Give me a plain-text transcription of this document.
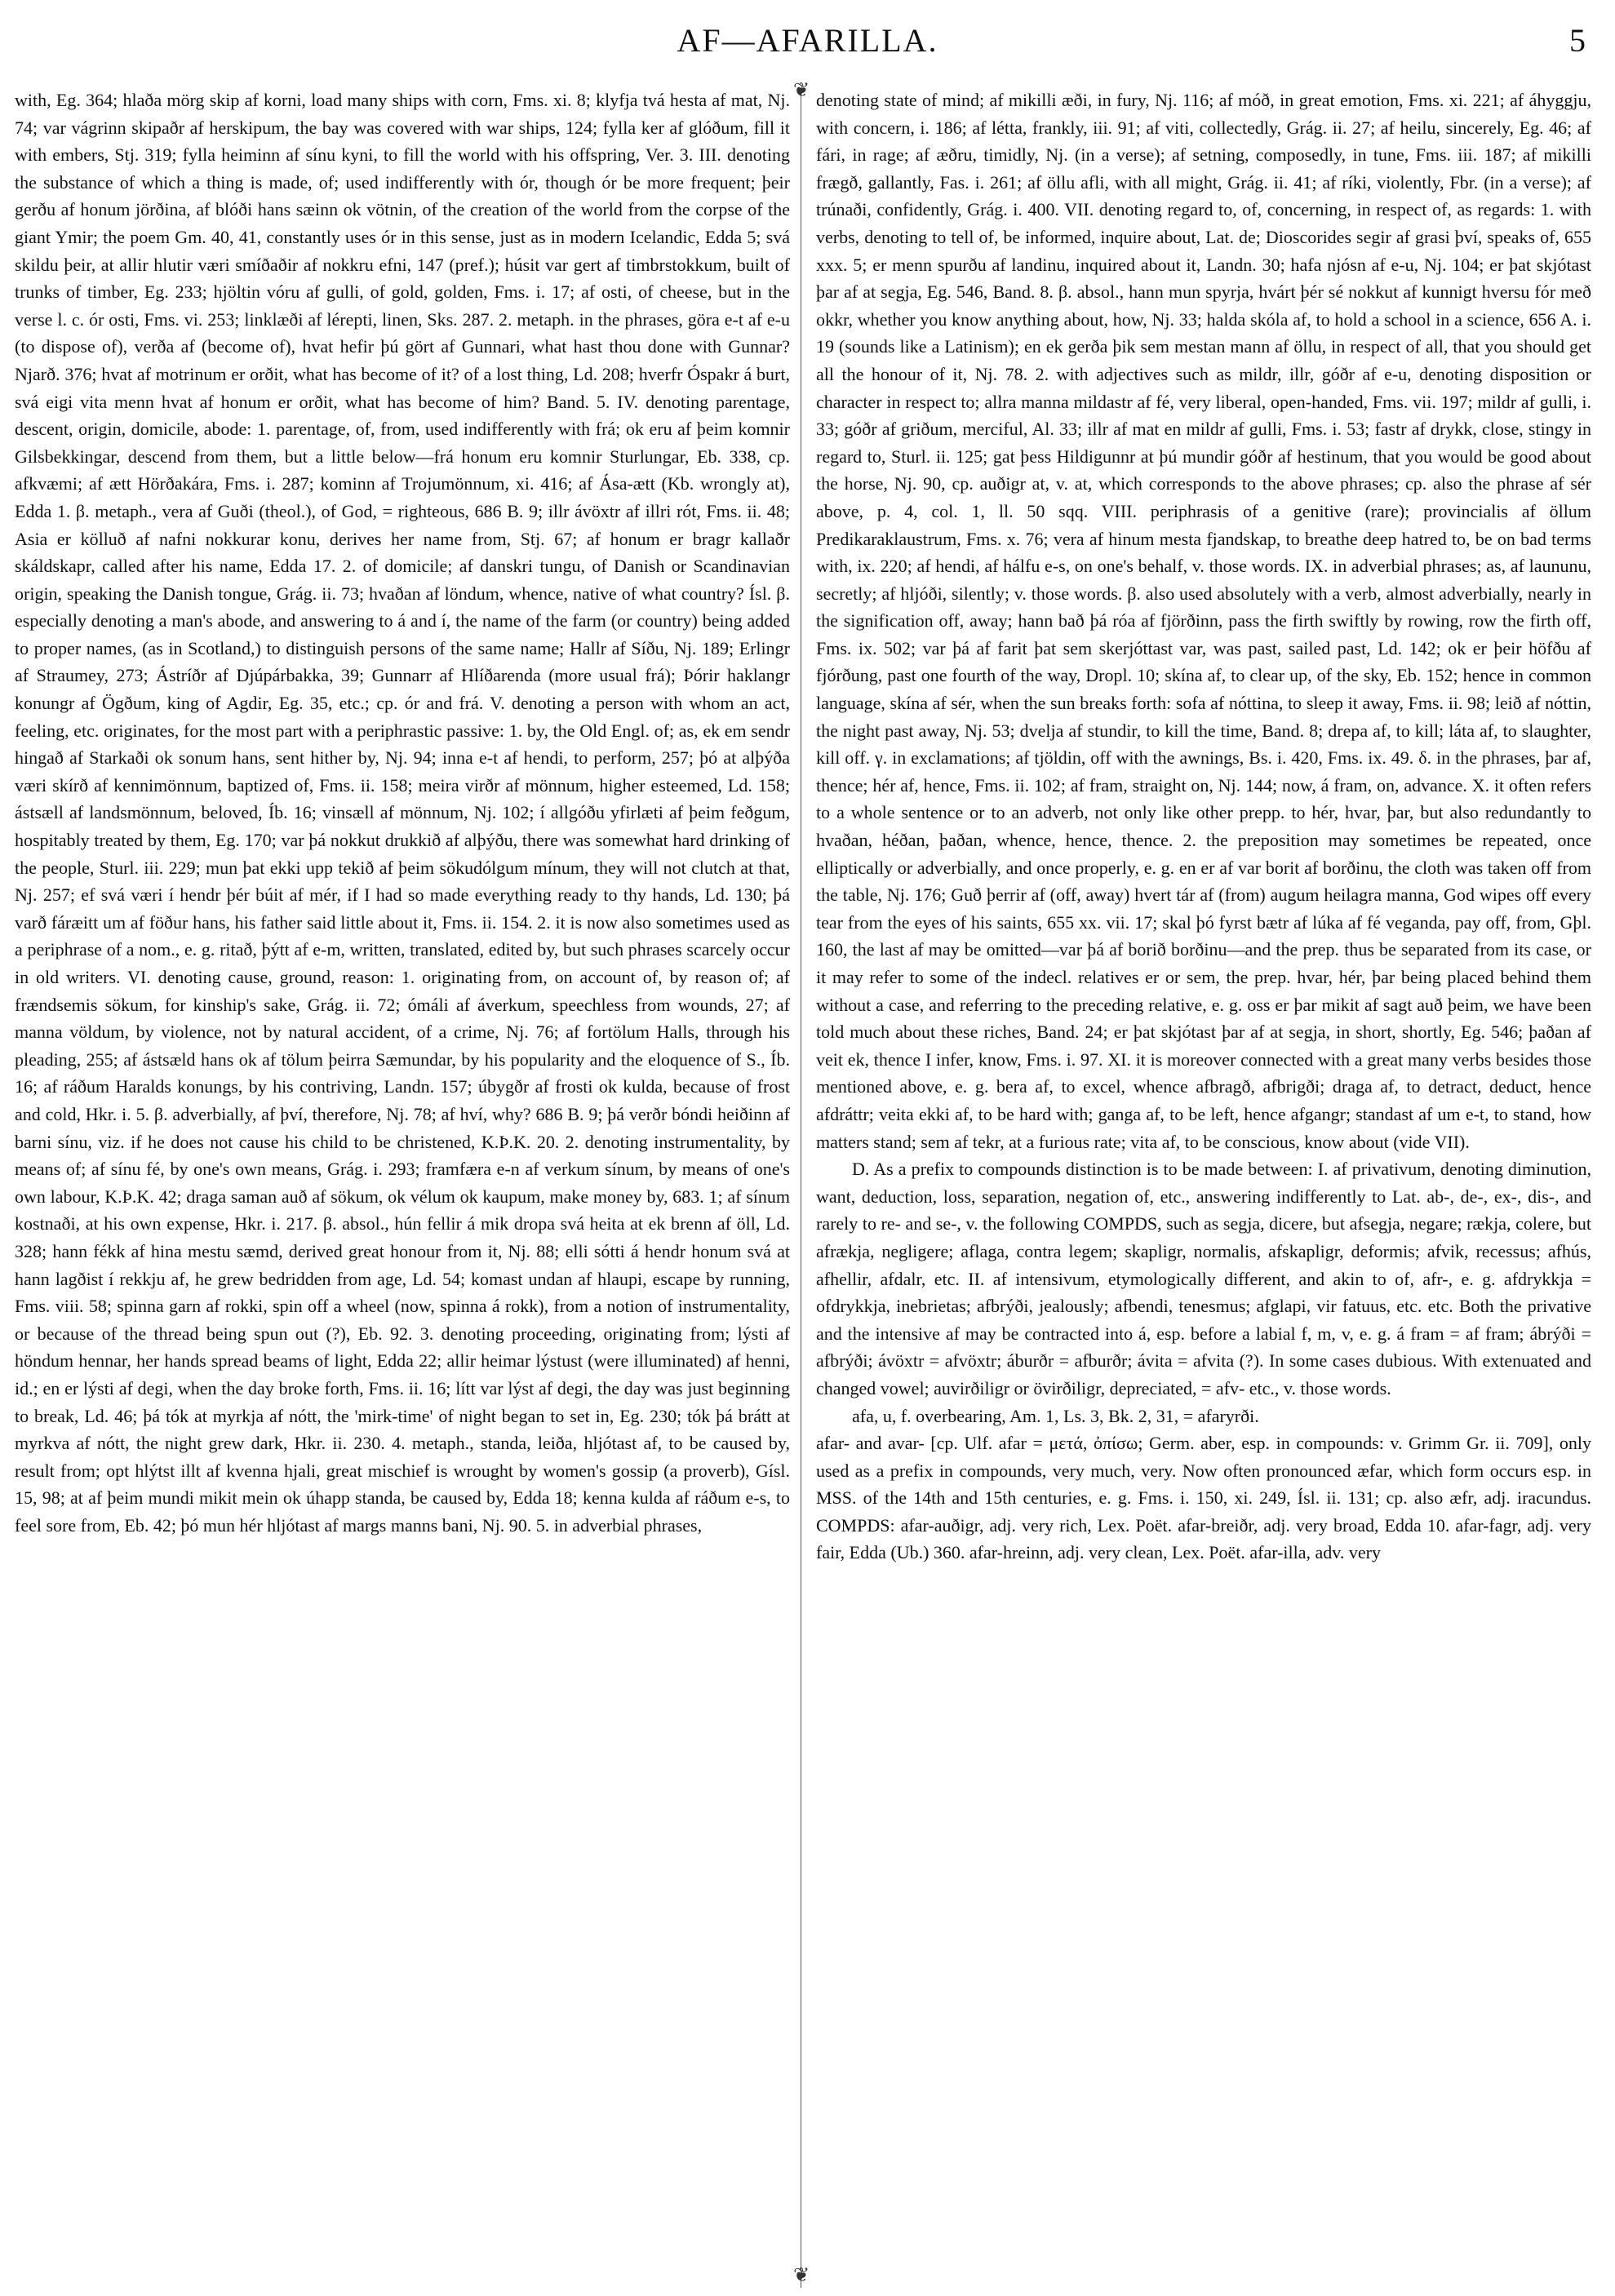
AF—AFARILLA.	5

with, Eg. 364; hlaða mörg skip af korni, load many ships with corn, Fms. xi. 8; klyfja tvá hesta af mat, Nj. 74; var vágrinn skipaðr af herskipum, the bay was covered with war ships, 124; fylla ker af glóðum, fill it with embers, Stj. 319; fylla heiminn af sínu kyni, to fill the world with his offspring, Ver. 3. III. denoting the substance of which a thing is made, of; used indifferently with ór, though ór be more frequent; þeir gerðu af honum jörðina, af blóði hans sæinn ok vötnin, of the creation of the world from the corpse of the giant Ymir; the poem Gm. 40, 41, constantly uses ór in this sense, just as in modern Icelandic, Edda 5; svá skildu þeir, at allir hlutir væri smíðaðir af nokkru efni, 147 (pref.); húsit var gert af timbrstokkum, built of trunks of timber, Eg. 233; hjöltin vóru af gulli, of gold, golden, Fms. i. 17; af osti, of cheese, but in the verse l. c. ór osti, Fms. vi. 253; linklæði af lérepti, linen, Sks. 287. 2. metaph. in the phrases, göra e-t af e-u (to dispose of), verða af (become of), hvat hefir þú gört af Gunnari, what hast thou done with Gunnar? Njarð. 376; hvat af motrinum er orðit, what has become of it? of a lost thing, Ld. 208; hverfr Óspakr á burt, svá eigi vita menn hvat af honum er orðit, what has become of him? Band. 5. IV. denoting parentage, descent, origin, domicile, abode: 1. parentage, of, from, used indifferently with frá; ok eru af þeim komnir Gilsbekkingar, descend from them, but a little below—frá honum eru komnir Sturlungar, Eb. 338, cp. afkvæmi; af ætt Hörðakára, Fms. i. 287; kominn af Trojumönnum, xi. 416; af Ása-ætt (Kb. wrongly at), Edda 1. β. metaph., vera af Guði (theol.), of God, = righteous, 686 B. 9; illr ávöxtr af illri rót, Fms. ii. 48; Asia er kölluð af nafni nokkurar konu, derives her name from, Stj. 67; af honum er bragr kallaðr skáldskapr, called after his name, Edda 17. 2. of domicile; af danskri tungu, of Danish or Scandinavian origin, speaking the Danish tongue, Grág. ii. 73; hvaðan af löndum, whence, native of what country? Ísl. β. especially denoting a man's abode, and answering to á and í, the name of the farm (or country) being added to proper names, (as in Scotland,) to distinguish persons of the same name; Hallr af Síðu, Nj. 189; Erlingr af Straumey, 273; Ástríðr af Djúpárbakka, 39; Gunnarr af Hlíðarenda (more usual frá); Þórir haklangr konungr af Ögðum, king of Agdir, Eg. 35, etc.; cp. ór and frá. V. denoting a person with whom an act, feeling, etc. originates, for the most part with a periphrastic passive: 1. by, the Old Engl. of; as, ek em sendr hingað af Starkaði ok sonum hans, sent hither by, Nj. 94; inna e-t af hendi, to perform, 257; þó at alþýða væri skírð af kennimönnum, baptized of, Fms. ii. 158; meira virðr af mönnum, higher esteemed, Ld. 158; ástsæll af landsmönnum, beloved, Íb. 16; vinsæll af mönnum, Nj. 102; í allgóðu yfirlæti af þeim feðgum, hospitably treated by them, Eg. 170; var þá nokkut drukkið af alþýðu, there was somewhat hard drinking of the people, Sturl. iii. 229; mun þat ekki upp tekið af þeim sökudólgum mínum, they will not clutch at that, Nj. 257; ef svá væri í hendr þér búit af mér, if I had so made everything ready to thy hands, Ld. 130; þá varð fáræitt um af föður hans, his father said little about it, Fms. ii. 154. 2. it is now also sometimes used as a periphrase of a nom., e. g. ritað, þýtt af e-m, written, translated, edited by, but such phrases scarcely occur in old writers. VI. denoting cause, ground, reason: 1. originating from, on account of, by reason of; af frændsemis sökum, for kinship's sake, Grág. ii. 72; ómáli af áverkum, speechless from wounds, 27; af manna völdum, by violence, not by natural accident, of a crime, Nj. 76; af fortölum Halls, through his pleading, 255; af ástsæld hans ok af tölum þeirra Sæmundar, by his popularity and the eloquence of S., Íb. 16; af ráðum Haralds konungs, by his contriving, Landn. 157; úbygðr af frosti ok kulda, because of frost and cold, Hkr. i. 5. β. adverbially, af því, therefore, Nj. 78; af hví, why? 686 B. 9; þá verðr bóndi heiðinn af barni sínu, viz. if he does not cause his child to be christened, K.Þ.K. 20. 2. denoting instrumentality, by means of; af sínu fé, by one's own means, Grág. i. 293; framfæra e-n af verkum sínum, by means of one's own labour, K.Þ.K. 42; draga saman auð af sökum, ok vélum ok kaupum, make money by, 683. 1; af sínum kostnaði, at his own expense, Hkr. i. 217. β. absol., hún fellir á mik dropa svá heita at ek brenn af öll, Ld. 328; hann fékk af hina mestu sæmd, derived great honour from it, Nj. 88; elli sótti á hendr honum svá at hann lagðist í rekkju af, he grew bedridden from age, Ld. 54; komast undan af hlaupi, escape by running, Fms. viii. 58; spinna garn af rokki, spin off a wheel (now, spinna á rokk), from a notion of instrumentality, or because of the thread being spun out (?), Eb. 92. 3. denoting proceeding, originating from; lýsti af höndum hennar, her hands spread beams of light, Edda 22; allir heimar lýstust (were illuminated) af henni, id.; en er lýsti af degi, when the day broke forth, Fms. ii. 16; lítt var lýst af degi, the day was just beginning to break, Ld. 46; þá tók at myrkja af nótt, the 'mirk-time' of night began to set in, Eg. 230; tók þá brátt at myrkva af nótt, the night grew dark, Hkr. ii. 230. 4. metaph., standa, leiða, hljótast af, to be caused by, result from; opt hlýtst illt af kvenna hjali, great mischief is wrought by women's gossip (a proverb), Gísl. 15, 98; at af þeim mundi mikit mein ok úhapp standa, be caused by, Edda 18; kenna kulda af ráðum e-s, to feel sore from, Eb. 42; þó mun hér hljótast af margs manns bani, Nj. 90. 5. in adverbial phrases,

❦
❦

denoting state of mind; af mikilli æði, in fury, Nj. 116; af móð, in great emotion, Fms. xi. 221; af áhyggju, with concern, i. 186; af létta, frankly, iii. 91; af viti, collectedly, Grág. ii. 27; af heilu, sincerely, Eg. 46; af fári, in rage; af æðru, timidly, Nj. (in a verse); af setning, composedly, in tune, Fms. iii. 187; af mikilli frægð, gallantly, Fas. i. 261; af öllu afli, with all might, Grág. ii. 41; af ríki, violently, Fbr. (in a verse); af trúnaði, confidently, Grág. i. 400. VII. denoting regard to, of, concerning, in respect of, as regards: 1. with verbs, denoting to tell of, be informed, inquire about, Lat. de; Dioscorides segir af grasi því, speaks of, 655 xxx. 5; er menn spurðu af landinu, inquired about it, Landn. 30; hafa njósn af e-u, Nj. 104; er þat skjótast þar af at segja, Eg. 546, Band. 8. β. absol., hann mun spyrja, hvárt þér sé nokkut af kunnigt hversu fór með okkr, whether you know anything about, how, Nj. 33; halda skóla af, to hold a school in a science, 656 A. i. 19 (sounds like a Latinism); en ek gerða þik sem mestan mann af öllu, in respect of all, that you should get all the honour of it, Nj. 78. 2. with adjectives such as mildr, illr, góðr af e-u, denoting disposition or character in respect to; allra manna mildastr af fé, very liberal, open-handed, Fms. vii. 197; mildr af gulli, i. 33; góðr af griðum, merciful, Al. 33; illr af mat en mildr af gulli, Fms. i. 53; fastr af drykk, close, stingy in regard to, Sturl. ii. 125; gat þess Hildigunnr at þú mundir góðr af hestinum, that you would be good about the horse, Nj. 90, cp. auðigr at, v. at, which corresponds to the above phrases; cp. also the phrase af sér above, p. 4, col. 1, ll. 50 sqq. VIII. periphrasis of a genitive (rare); provincialis af öllum Predikaraklaustrum, Fms. x. 76; vera af hinum mesta fjandskap, to breathe deep hatred to, be on bad terms with, ix. 220; af hendi, af hálfu e-s, on one's behalf, v. those words. IX. in adverbial phrases; as, af laununu, secretly; af hljóði, silently; v. those words. β. also used absolutely with a verb, almost adverbially, nearly in the signification off, away; hann bað þá róa af fjörðinn, pass the firth swiftly by rowing, row the firth off, Fms. ix. 502; var þá af farit þat sem skerjóttast var, was past, sailed past, Ld. 142; ok er þeir höfðu af fjórðung, past one fourth of the way, Dropl. 10; skína af, to clear up, of the sky, Eb. 152; hence in common language, skína af sér, when the sun breaks forth: sofa af nóttina, to sleep it away, Fms. ii. 98; leið af nóttin, the night past away, Nj. 53; dvelja af stundir, to kill the time, Band. 8; drepa af, to kill; láta af, to slaughter, kill off. γ. in exclamations; af tjöldin, off with the awnings, Bs. i. 420, Fms. ix. 49. δ. in the phrases, þar af, thence; hér af, hence, Fms. ii. 102; af fram, straight on, Nj. 144; now, á fram, on, advance. X. it often refers to a whole sentence or to an adverb, not only like other prepp. to hér, hvar, þar, but also redundantly to hvaðan, héðan, þaðan, whence, hence, thence. 2. the preposition may sometimes be repeated, once elliptically or adverbially, and once properly, e. g. en er af var borit af borðinu, the cloth was taken off from the table, Nj. 176; Guð þerrir af (off, away) hvert tár af (from) augum heilagra manna, God wipes off every tear from the eyes of his saints, 655 xx. vii. 17; skal þó fyrst bætr af lúka af fé veganda, pay off, from, Gþl. 160, the last af may be omitted—var þá af borið borðinu—and the prep. thus be separated from its case, or it may refer to some of the indecl. relatives er or sem, the prep. hvar, hér, þar being placed behind them without a case, and referring to the preceding relative, e. g. oss er þar mikit af sagt auð þeim, we have been told much about these riches, Band. 24; er þat skjótast þar af at segja, in short, shortly, Eg. 546; þaðan af veit ek, thence I infer, know, Fms. i. 97. XI. it is moreover connected with a great many verbs besides those mentioned above, e. g. bera af, to excel, whence afbragð, afbrigði; draga af, to detract, deduct, hence afdráttr; veita ekki af, to be hard with; ganga af, to be left, hence afgangr; standast af um e-t, to stand, how matters stand; sem af tekr, at a furious rate; vita af, to be conscious, know about (vide VII).

D. As a prefix to compounds distinction is to be made between: I. af privativum, denoting diminution, want, deduction, loss, separation, negation of, etc., answering indifferently to Lat. ab-, de-, ex-, dis-, and rarely to re- and se-, v. the following COMPDS, such as segja, dicere, but afsegja, negare; rækja, colere, but afrækja, negligere; aflaga, contra legem; skapligr, normalis, afskapligr, deformis; afvik, recessus; afhús, afhellir, afdalr, etc. II. af intensivum, etymologically different, and akin to of, afr-, e. g. afdrykkja = ofdrykkja, inebrietas; afbrýði, jealously; afbendi, tenesmus; afglapi, vir fatuus, etc. etc. Both the privative and the intensive af may be contracted into á, esp. before a labial f, m, v, e. g. á fram = af fram; ábrýði = afbrýði; ávöxtr = afvöxtr; áburðr = afburðr; ávita = afvita (?). In some cases dubious. With extenuated and changed vowel; auvirðiligr or övirðiligr, depreciated, = afv- etc., v. those words.

afa, u, f. overbearing, Am. 1, Ls. 3, Bk. 2, 31, = afaryrði.

afar- and avar- [cp. Ulf. afar = μετά, ὀπίσω; Germ. aber, esp. in compounds: v. Grimm Gr. ii. 709], only used as a prefix in compounds, very much, very. Now often pronounced æfar, which form occurs esp. in MSS. of the 14th and 15th centuries, e. g. Fms. i. 150, xi. 249, Ísl. ii. 131; cp. also æfr, adj. iracundus. COMPDS: afar-auðigr, adj. very rich, Lex. Poët. afar-breiðr, adj. very broad, Edda 10. afar-fagr, adj. very fair, Edda (Ub.) 360. afar-hreinn, adj. very clean, Lex. Poët. afar-illa, adv. very
